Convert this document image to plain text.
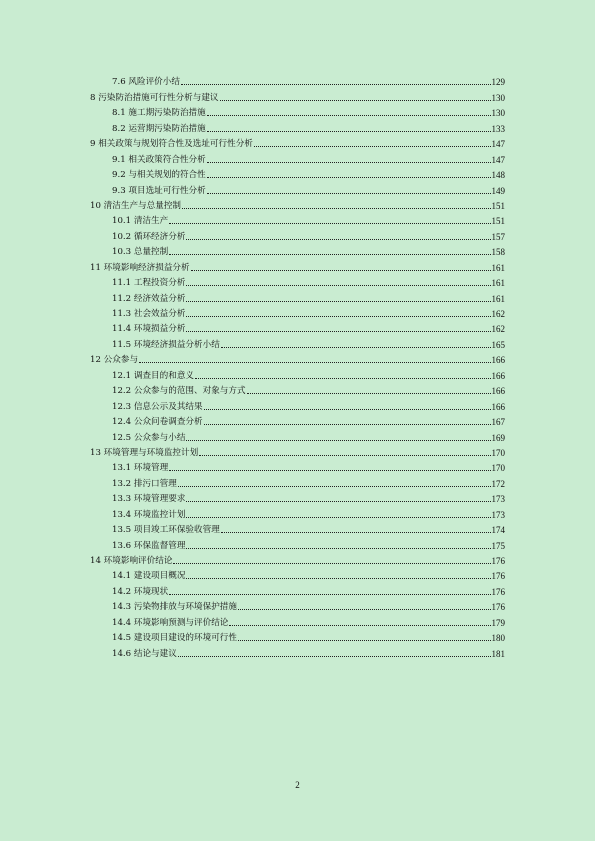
7.6 风险评价小结	129
8 污染防治措施可行性分析与建议	130
8.1 施工期污染防治措施	130
8.2 运营期污染防治措施	133
9 相关政策与规划符合性及选址可行性分析	147
9.1 相关政策符合性分析	147
9.2 与相关规划的符合性	148
9.3 项目选址可行性分析	149
10 清洁生产与总量控制	151
10.1 清洁生产	151
10.2 循环经济分析	157
10.3 总量控制	158
11 环境影响经济损益分析	161
11.1 工程投资分析	161
11.2 经济效益分析	161
11.3 社会效益分析	162
11.4 环境损益分析	162
11.5 环境经济损益分析小结	165
12 公众参与	166
12.1 调查目的和意义	166
12.2 公众参与的范围、对象与方式	166
12.3 信息公示及其结果	166
12.4 公众问卷调查分析	167
12.5 公众参与小结	169
13 环境管理与环境监控计划	170
13.1 环境管理	170
13.2 排污口管理	172
13.3 环境管理要求	173
13.4 环境监控计划	173
13.5 项目竣工环保验收管理	174
13.6 环保监督管理	175
14 环境影响评价结论	176
14.1 建设项目概况	176
14.2 环境现状	176
14.3 污染物排放与环境保护措施	176
14.4 环境影响预测与评价结论	179
14.5 建设项目建设的环境可行性	180
14.6 结论与建议	181
2
